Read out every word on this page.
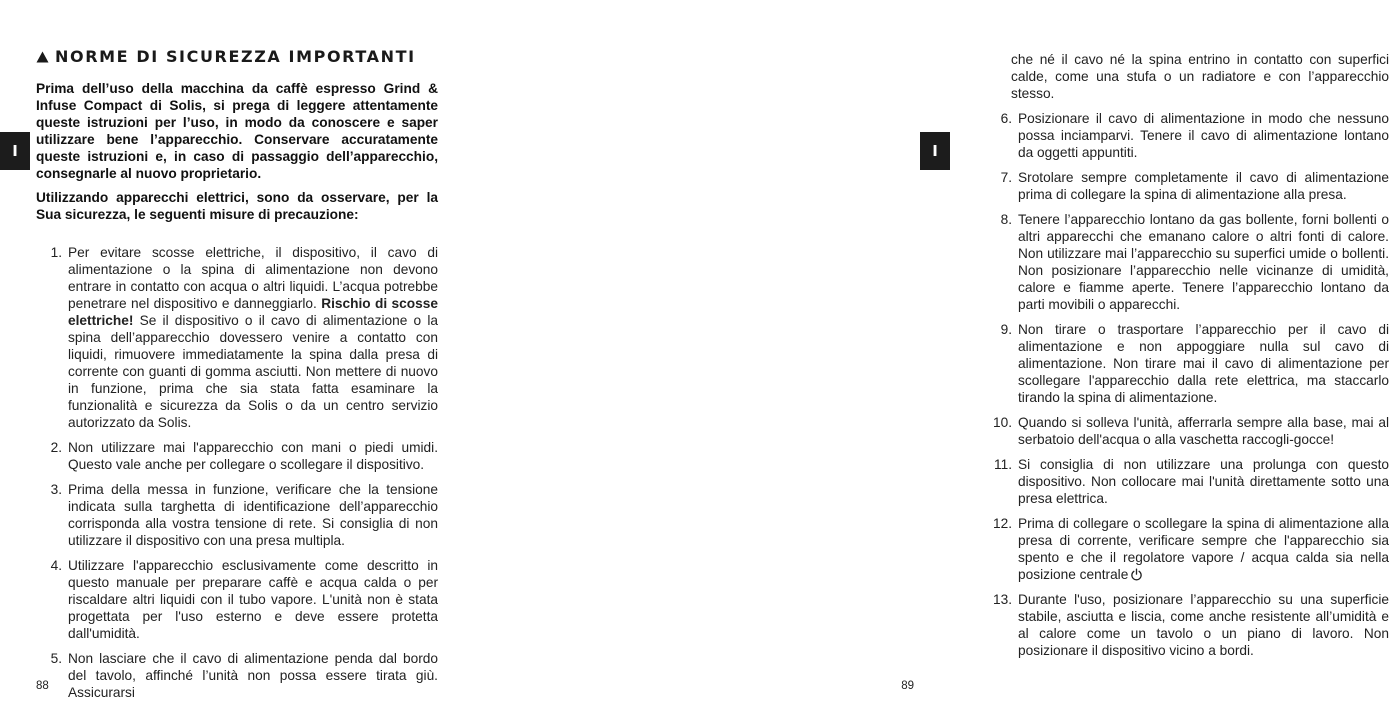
I
NORME DI SICUREZZA IMPORTANTI

Prima dell’uso della macchina da caffè espresso Grind & Infuse Compact di Solis, si prega di leggere attentamente queste istruzioni per l’uso, in modo da conoscere e saper utilizzare bene l’apparecchio. Conservare accuratamente queste istruzioni e, in caso di passaggio dell’apparecchio, consegnarle al nuovo proprietario.

Utilizzando apparecchi elettrici, sono da osservare, per la Sua sicurezza, le seguenti misure di precauzione:

1. Per evitare scosse elettriche, il dispositivo, il cavo di alimentazione o la spina di alimentazione non devono entrare in contatto con acqua o altri liquidi. L’acqua potrebbe penetrare nel dispositivo e danneggiarlo. Rischio di scosse elettriche! Se il dispositivo o il cavo di alimentazione o la spina dell’apparecchio dovessero venire a contatto con liquidi, rimuovere immediatamente la spina dalla presa di corrente con guanti di gomma asciutti. Non mettere di nuovo in funzione, prima che sia stata fatta esaminare la funzionalità e sicurezza da Solis o da un centro servizio autorizzato da Solis.
2. Non utilizzare mai l'apparecchio con mani o piedi umidi. Questo vale anche per collegare o scollegare il dispositivo.
3. Prima della messa in funzione, verificare che la tensione indicata sulla targhetta di identificazione dell’apparecchio corrisponda alla vostra tensione di rete. Si consiglia di non utilizzare il dispositivo con una presa multipla.
4. Utilizzare l'apparecchio esclusivamente come descritto in questo manuale per preparare caffè e acqua calda o per riscaldare altri liquidi con il tubo vapore. L'unità non è stata progettata per l'uso esterno e deve essere protetta dall'umidità.
5. Non lasciare che il cavo di alimentazione penda dal bordo del tavolo, affinché l’unità non possa essere tirata giù. Assicurarsi
88
I
che né il cavo né la spina entrino in contatto con superfici calde, come una stufa o un radiatore e con l’apparecchio stesso.
6. Posizionare il cavo di alimentazione in modo che nessuno possa inciamparvi. Tenere il cavo di alimentazione lontano da oggetti appuntiti.
7. Srotolare sempre completamente il cavo di alimentazione prima di collegare la spina di alimentazione alla presa.
8. Tenere l’apparecchio lontano da gas bollente, forni bollenti o altri apparecchi che emanano calore o altri fonti di calore. Non utilizzare mai l’apparecchio su superfici umide o bollenti. Non posizionare l’apparecchio nelle vicinanze di umidità, calore e fiamme aperte. Tenere l’apparecchio lontano da parti movibili o apparecchi.
9. Non tirare o trasportare l’apparecchio per il cavo di alimentazione e non appoggiare nulla sul cavo di alimentazione. Non tirare mai il cavo di alimentazione per scollegare l'apparecchio dalla rete elettrica, ma staccarlo tirando la spina di alimentazione.
10. Quando si solleva l'unità, afferrarla sempre alla base, mai al serbatoio dell'acqua o alla vaschetta raccogli-gocce!
11. Si consiglia di non utilizzare una prolunga con questo dispositivo. Non collocare mai l'unità direttamente sotto una presa elettrica.
12. Prima di collegare o scollegare la spina di alimentazione alla presa di corrente, verificare sempre che l'apparecchio sia spento e che il regolatore vapore / acqua calda sia nella posizione centrale
13. Durante l'uso, posizionare l’apparecchio su una superficie stabile, asciutta e liscia, come anche resistente all’umidità e al calore come un tavolo o un piano di lavoro. Non posizionare il dispositivo vicino a bordi.
89
